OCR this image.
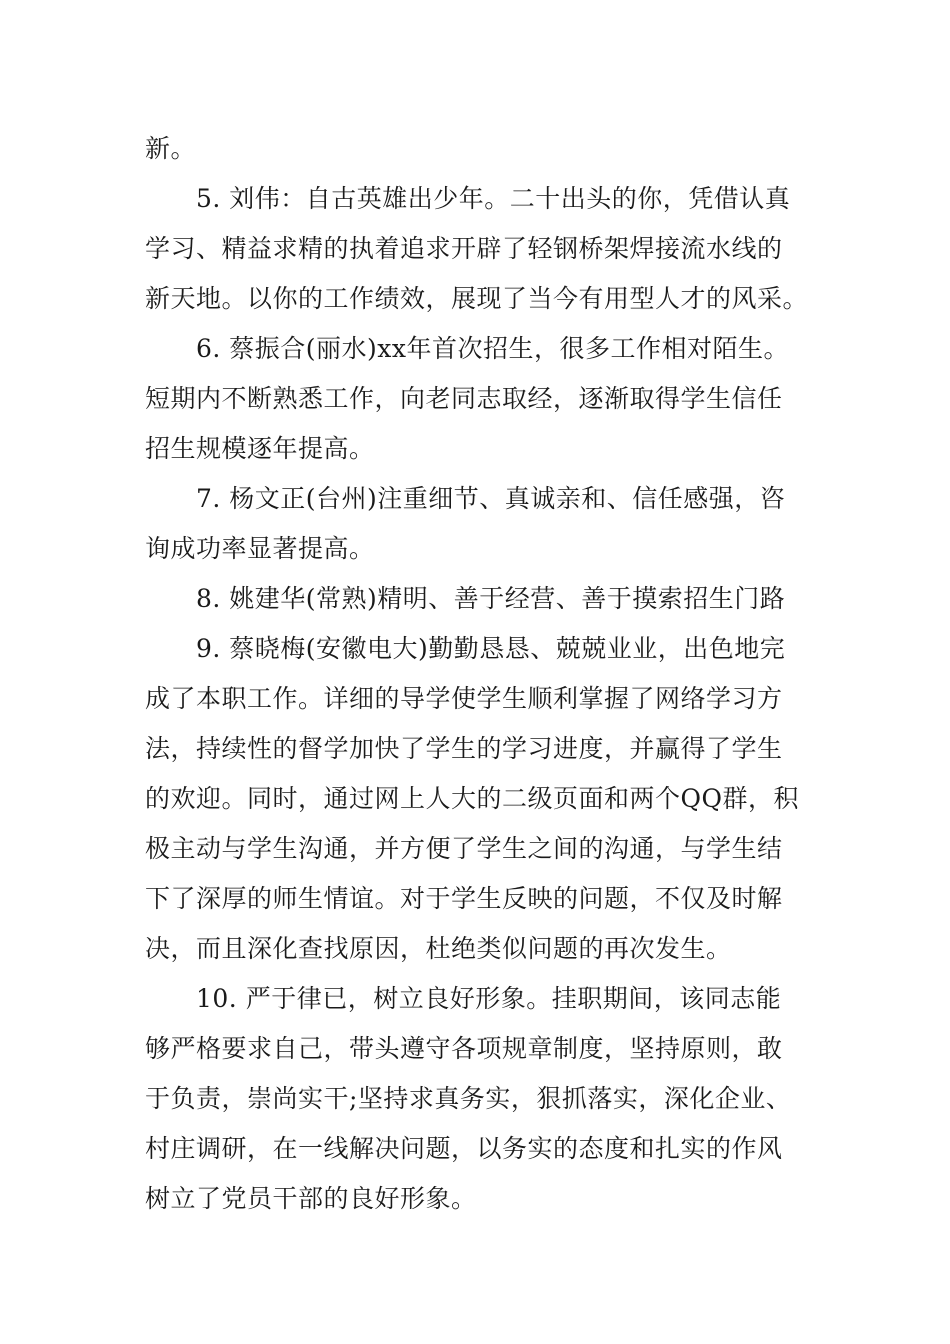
新。
5. 刘伟：自古英雄出少年。二十出头的你，凭借认真
学习、精益求精的执着追求开辟了轻钢桥架焊接流水线的
新天地。以你的工作绩效，展现了当今有用型人才的风采。
6. 蔡振合(丽水)xx年首次招生，很多工作相对陌生。
短期内不断熟悉工作，向老同志取经，逐渐取得学生信任
招生规模逐年提高。
7. 杨文正(台州)注重细节、真诚亲和、信任感强，咨
询成功率显著提高。
8. 姚建华(常熟)精明、善于经营、善于摸索招生门路
9. 蔡晓梅(安徽电大)勤勤恳恳、兢兢业业，出色地完
成了本职工作。详细的导学使学生顺利掌握了网络学习方
法，持续性的督学加快了学生的学习进度，并赢得了学生
的欢迎。同时，通过网上人大的二级页面和两个QQ群，积
极主动与学生沟通，并方便了学生之间的沟通，与学生结
下了深厚的师生情谊。对于学生反映的问题，不仅及时解
决，而且深化查找原因，杜绝类似问题的再次发生。
10. 严于律已，树立良好形象。挂职期间，该同志能
够严格要求自己，带头遵守各项规章制度，坚持原则，敢
于负责，崇尚实干;坚持求真务实，狠抓落实，深化企业、
村庄调研，在一线解决问题，以务实的态度和扎实的作风
树立了党员干部的良好形象。
